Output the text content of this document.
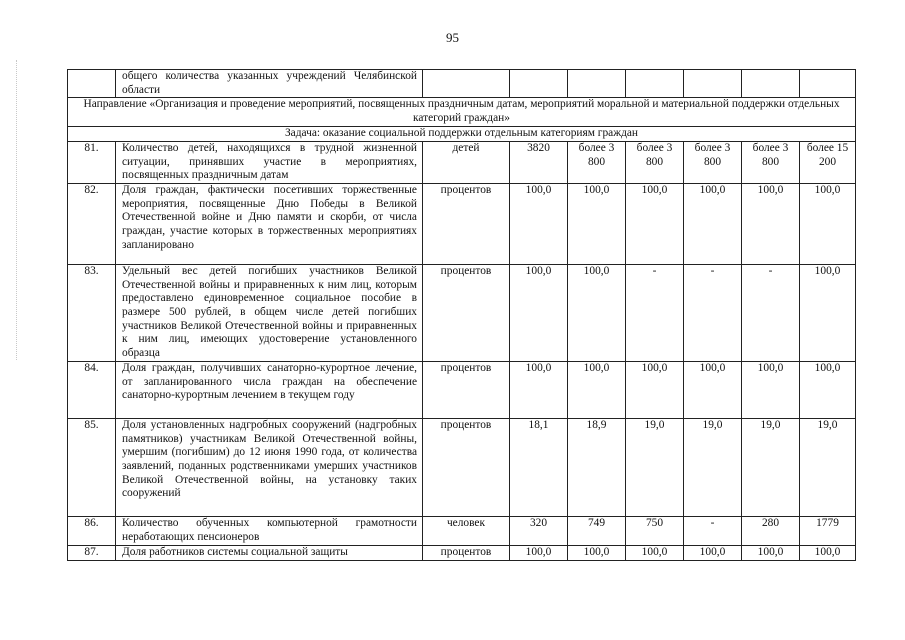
95
	общего количества указанных учреждений Челябинской области							
Направление «Организация и проведение мероприятий, посвященных праздничным датам, мероприятий моральной и материальной поддержки отдельных категорий граждан»								
Задача: оказание социальной поддержки отдельным категориям граждан								
81.	Количество детей, находящихся в трудной жизненной ситуации, принявших участие в мероприятиях, посвященных праздничным датам	детей	3820	более 3 800	более 3 800	более 3 800	более 3 800	более 15 200
82.	Доля граждан, фактически посетивших торжественные мероприятия, посвященные Дню Победы в Великой Отечественной войне и Дню памяти и скорби, от числа граждан, участие которых в торжественных мероприятиях запланировано	процентов	100,0	100,0	100,0	100,0	100,0	100,0
83.	Удельный вес детей погибших участников Великой Отечественной войны и приравненных к ним лиц, которым предоставлено единовременное социальное пособие в размере 500 рублей, в общем числе детей погибших участников Великой Отечественной войны и приравненных к ним лиц, имеющих удостоверение установленного образца	процентов	100,0	100,0	-	-	-	100,0
84.	Доля граждан, получивших санаторно-курортное лечение, от запланированного числа граждан на обеспечение санаторно-курортным лечением в текущем году	процентов	100,0	100,0	100,0	100,0	100,0	100,0
85.	Доля установленных надгробных сооружений (надгробных памятников) участникам Великой Отечественной войны, умершим (погибшим) до 12 июня 1990 года, от количества заявлений, поданных родственниками умерших участников Великой Отечественной войны, на установку таких сооружений	процентов	18,1	18,9	19,0	19,0	19,0	19,0
86.	Количество обученных компьютерной грамотности неработающих пенсионеров	человек	320	749	750	-	280	1779
87.	Доля работников системы социальной защиты	процентов	100,0	100,0	100,0	100,0	100,0	100,0
